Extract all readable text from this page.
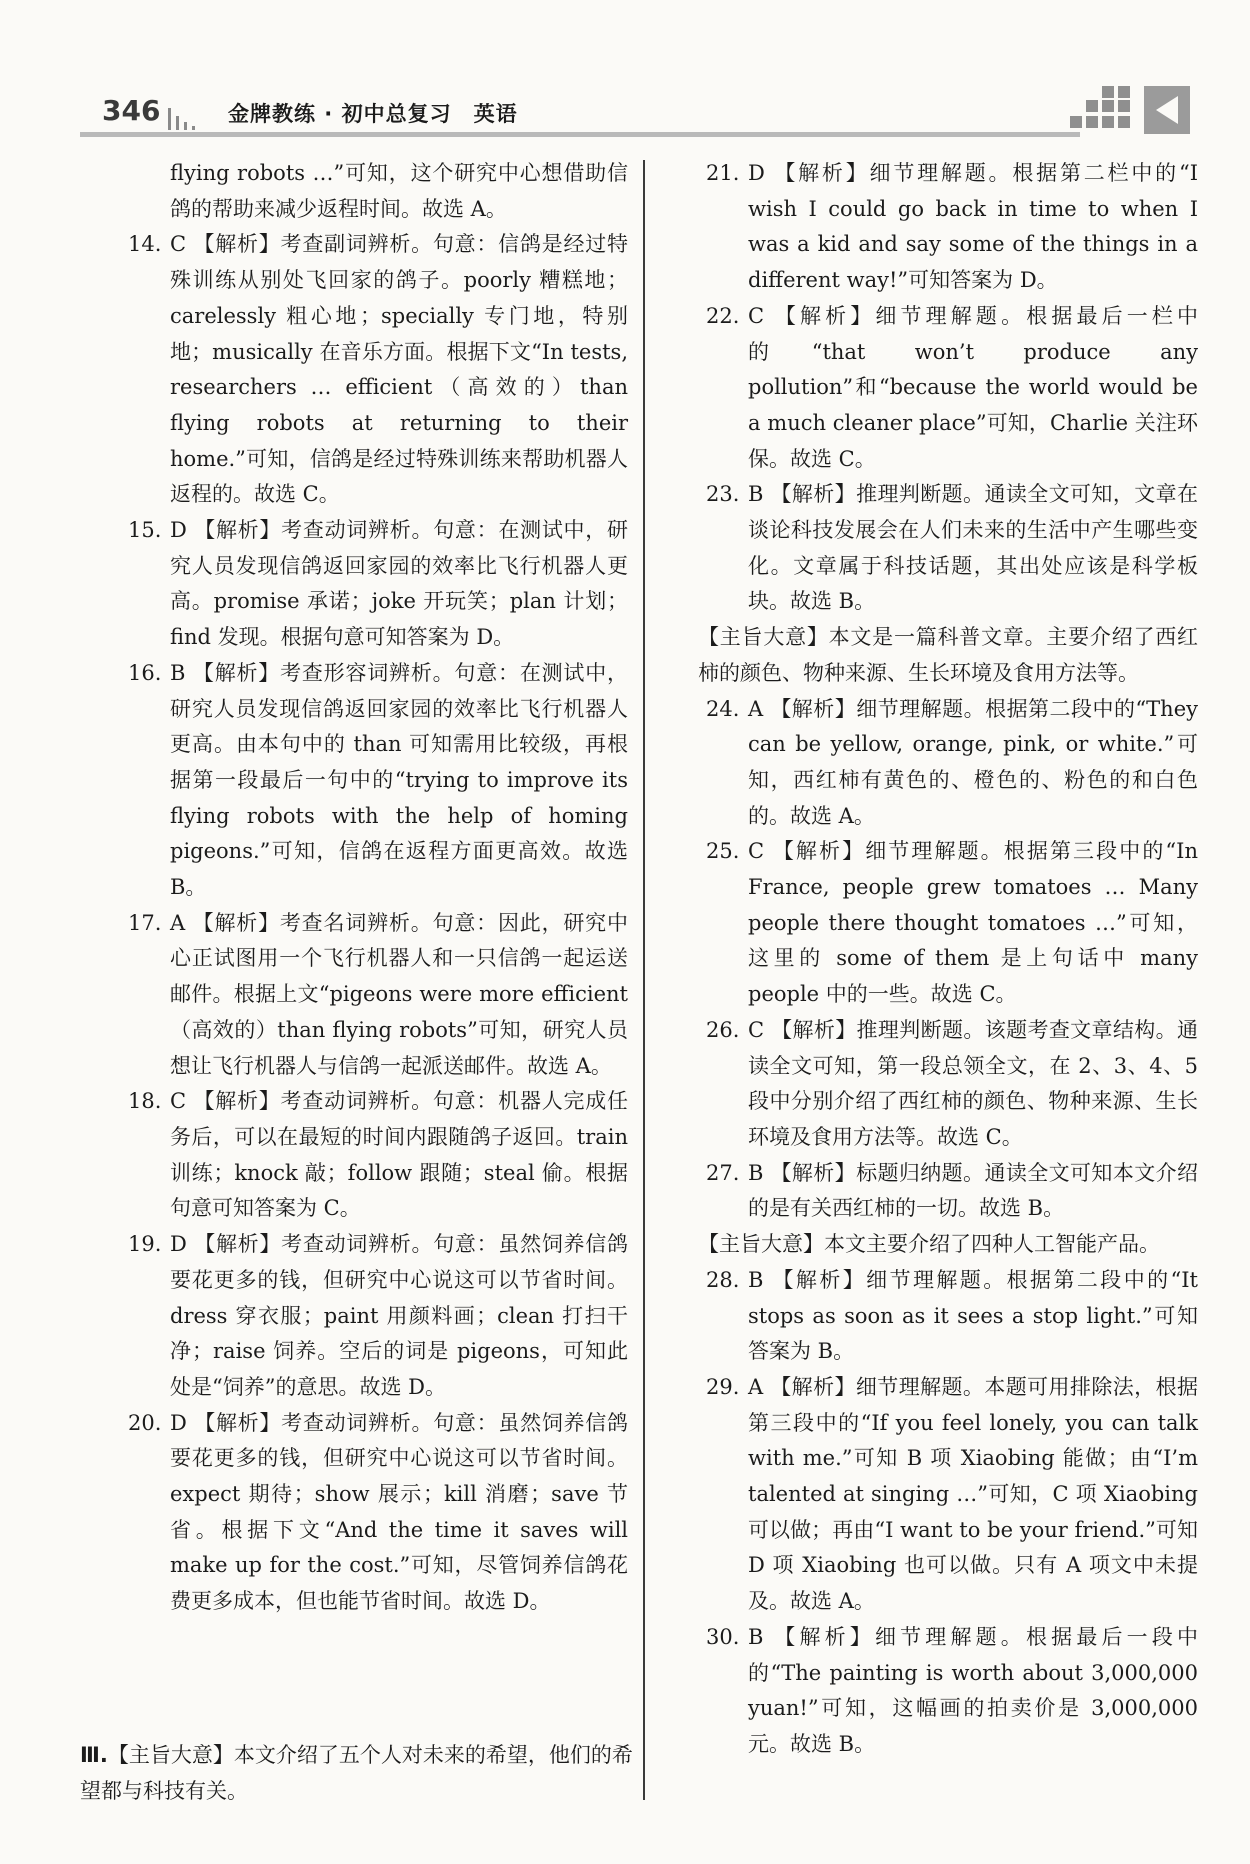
346	金牌教练 · 初中总复习　英语
flying robots …”可知，这个研究中心想借助信鸽的帮助来减少返程时间。故选 A。
14. C 【解析】考查副词辨析。句意：信鸽是经过特殊训练从别处飞回家的鸽子。poorly 糟糕地；carelessly 粗心地；specially 专门地，特别地；musically 在音乐方面。根据下文“In tests, researchers … efficient（高效的）than flying robots at returning to their home.”可知，信鸽是经过特殊训练来帮助机器人返程的。故选 C。
15. D 【解析】考查动词辨析。句意：在测试中，研究人员发现信鸽返回家园的效率比飞行机器人更高。promise 承诺；joke 开玩笑；plan 计划；find 发现。根据句意可知答案为 D。
16. B 【解析】考查形容词辨析。句意：在测试中，研究人员发现信鸽返回家园的效率比飞行机器人更高。由本句中的 than 可知需用比较级，再根据第一段最后一句中的“trying to improve its flying robots with the help of homing pigeons.”可知，信鸽在返程方面更高效。故选 B。
17. A 【解析】考查名词辨析。句意：因此，研究中心正试图用一个飞行机器人和一只信鸽一起运送邮件。根据上文“pigeons were more efficient（高效的）than flying robots”可知，研究人员想让飞行机器人与信鸽一起派送邮件。故选 A。
18. C 【解析】考查动词辨析。句意：机器人完成任务后，可以在最短的时间内跟随鸽子返回。train 训练；knock 敲；follow 跟随；steal 偷。根据句意可知答案为 C。
19. D 【解析】考查动词辨析。句意：虽然饲养信鸽要花更多的钱，但研究中心说这可以节省时间。dress 穿衣服；paint 用颜料画；clean 打扫干净；raise 饲养。空后的词是 pigeons，可知此处是“饲养”的意思。故选 D。
20. D 【解析】考查动词辨析。句意：虽然饲养信鸽要花更多的钱，但研究中心说这可以节省时间。expect 期待；show 展示；kill 消磨；save 节省。根据下文“And the time it saves will make up for the cost.”可知，尽管饲养信鸽花费更多成本，但也能节省时间。故选 D。
21. D 【解析】细节理解题。根据第二栏中的“I wish I could go back in time to when I was a kid and say some of the things in a different way!”可知答案为 D。
22. C 【解析】细节理解题。根据最后一栏中的“that won’t produce any pollution”和“because the world would be a much cleaner place”可知，Charlie 关注环保。故选 C。
23. B 【解析】推理判断题。通读全文可知，文章在谈论科技发展会在人们未来的生活中产生哪些变化。文章属于科技话题，其出处应该是科学板块。故选 B。
【主旨大意】本文是一篇科普文章。主要介绍了西红柿的颜色、物种来源、生长环境及食用方法等。
24. A 【解析】细节理解题。根据第二段中的“They can be yellow, orange, pink, or white.”可知，西红柿有黄色的、橙色的、粉色的和白色的。故选 A。
25. C 【解析】细节理解题。根据第三段中的“In France, people grew tomatoes … Many people there thought tomatoes …”可知，这里的 some of them 是上句话中 many people 中的一些。故选 C。
26. C 【解析】推理判断题。该题考查文章结构。通读全文可知，第一段总领全文，在 2、3、4、5 段中分别介绍了西红柿的颜色、物种来源、生长环境及食用方法等。故选 C。
27. B 【解析】标题归纳题。通读全文可知本文介绍的是有关西红柿的一切。故选 B。
【主旨大意】本文主要介绍了四种人工智能产品。
28. B 【解析】细节理解题。根据第二段中的“It stops as soon as it sees a stop light.”可知答案为 B。
29. A 【解析】细节理解题。本题可用排除法，根据第三段中的“If you feel lonely, you can talk with me.”可知 B 项 Xiaobing 能做；由“I’m talented at singing …”可知，C 项 Xiaobing 可以做；再由“I want to be your friend.”可知 D 项 Xiaobing 也可以做。只有 A 项文中未提及。故选 A。
30. B 【解析】细节理解题。根据最后一段中的“The painting is worth about 3,000,000 yuan!”可知，这幅画的拍卖价是 3,000,000 元。故选 B。
Ⅲ.【主旨大意】本文介绍了五个人对未来的希望，他们的希望都与科技有关。
